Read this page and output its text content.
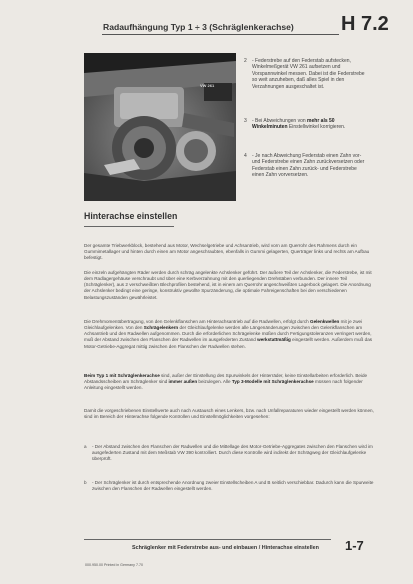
Radaufhängung Typ 1 ÷ 3 (Schräglenkerachse) H 7.2
VW 261
2 - Federstrebe auf den Federstab aufstecken, Winkelmeßgerät VW 261 aufsetzen und Vorspannwinkel messen. Dabei ist die Federstrebe so weit anzuheben, daß alles Spiel in den Verzahnungen ausgeschaltet ist.
3 - Bei Abweichungen von mehr als 50 Winkelminuten Einstellwinkel korrigieren.
4 - Je nach Abweichung Federstab einen Zahn vor- und Federstrebe einen Zahn zurückversetzen oder Federstab einen Zahn zurück- und Federstrebe einen Zahn vorversetzen.
Hinterachse einstellen
Der gesamte Triebwerkblock, bestehend aus Motor, Wechselgetriebe und Achsantrieb, wird vorn am Querrohr des Rahmens durch ein Gummimetallager und hinten durch einen am Motor angeschraubten, ebenfalls in Gummi gelagerten, Querträger links und rechts am Aufbau befestigt.
Die einzeln aufgehängten Räder werden durch schräg angelenkte Achslenker geführt. Der äußere Teil der Achslenker, die Federstrebe, ist mit dem Radlagergehäuse verschraubt und über eine Kerbverzahnung mit den querliegenden Drehstäben verbunden. Der innere Teil (Schräglenker), aus 2 verschweißten Blechprofilen bestehend, ist in einem am Querrohr angeschweißten Lagerbock gelagert. Die Anordnung der Achslenker bedingt eine geringe, konstruktiv gewollte Spurzänderung, die optimale Fahreigenschaften bei den verschiedenen Belastungszuständen gewährleistet.
Die Drehmomentübertragung, von den Gelenkflanschen am Hinterachsantrieb auf die Radwellen, erfolgt durch Gelenkwellen mit je zwei Gleichlaufgelenken. Von den Schrägelenkern der Gleichlaufgelenke werden alle Längenänderungen zwischen den Gelenkflanschen am Achsantrieb und den Radwellen aufgenommen. Durch die erforderlichen Schrägelenke müßen durch Fertigungstoleranzen verringert werden, muß der Abstand zwischen den Flanschen der Radwellen im ausgefederten Zustand werkstattmäßig eingestellt werden. Außerdem muß das Motor-Getriebe-Aggregat mittig zwischen den Flanschen der Radwellen stehen.
Beim Typ 1 mit Schräglenkerachse sind, außer der Einstellung des Spurwinkels der Hinterräder, keine Einstellarbeiten erforderlich. Beide Abstandsscheiben am Schräglenker sind immer außen beizulegen. Alle Typ 3-Modelle mit Schräglenkerachse müssen nach folgender Anleitung eingestellt werden.
Damit die vorgeschriebenen Einstellwerte auch nach Austausch eines Lenkers, bzw. nach Unfallreparaturen wieder eingestellt werden können, sind im Bereich der Hinterachse folgende Kontrollen und Einstellmöglichkeiten vorgesehen:
a - Der Abstand zwischen den Flanschen der Radwellen und die Mittellage des Motor-Getriebe-Aggregates zwischen den Flanschen wird im ausgefederten Zustand mit dem Meßstab VW 390 kontrolliert. Durch diese Kontrolle wird indirekt der Schrägweg der Gleichlaufgelenke überprüft.
b - Der Schräglenker ist durch entsprechende Anordnung zweier Einstellscheiben A und B seitlich verschiebbar. Dadurch kann die Spurweite zwischen den Flanschen der Radwellen eingestellt werden.
Schräglenker mit Federstrebe aus- und einbauen / Hinterachse einstellen 1-7
000.950.00 Printed in Germany 7.70
